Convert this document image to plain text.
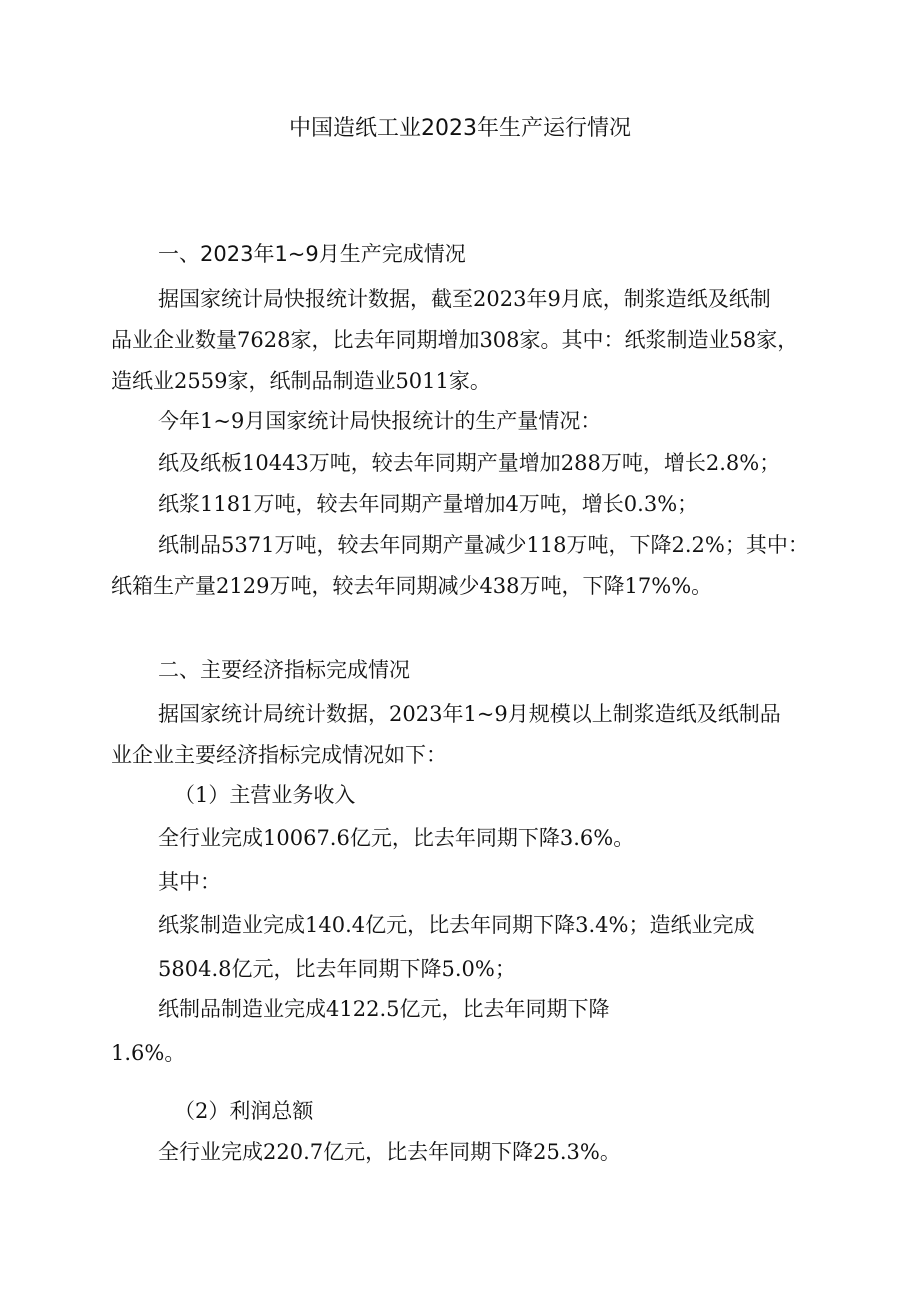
中国造纸工业2023年生产运行情况
一、2023年1~9月生产完成情况

据国家统计局快报统计数据，截至2023年9月底，制浆造纸及纸制

品业企业数量7628家，比去年同期增加308家。其中：纸浆制造业58家，

造纸业2559家，纸制品制造业5011家。

今年1~9月国家统计局快报统计的生产量情况：

纸及纸板10443万吨，较去年同期产量增加288万吨，增长2.8%；

纸浆1181万吨，较去年同期产量增加4万吨，增长0.3%；

纸制品5371万吨，较去年同期产量减少118万吨，下降2.2%；其中：

纸箱生产量2129万吨，较去年同期减少438万吨，下降17%%。

二、主要经济指标完成情况

据国家统计局统计数据，2023年1~9月规模以上制浆造纸及纸制品

业企业主要经济指标完成情况如下：

（1）主营业务收入

全行业完成10067.6亿元，比去年同期下降3.6%。

其中：

纸浆制造业完成140.4亿元，比去年同期下降3.4%；造纸业完成

5804.8亿元，比去年同期下降5.0%；

纸制品制造业完成4122.5亿元，比去年同期下降

1.6%。

（2）利润总额

全行业完成220.7亿元，比去年同期下降25.3%。
